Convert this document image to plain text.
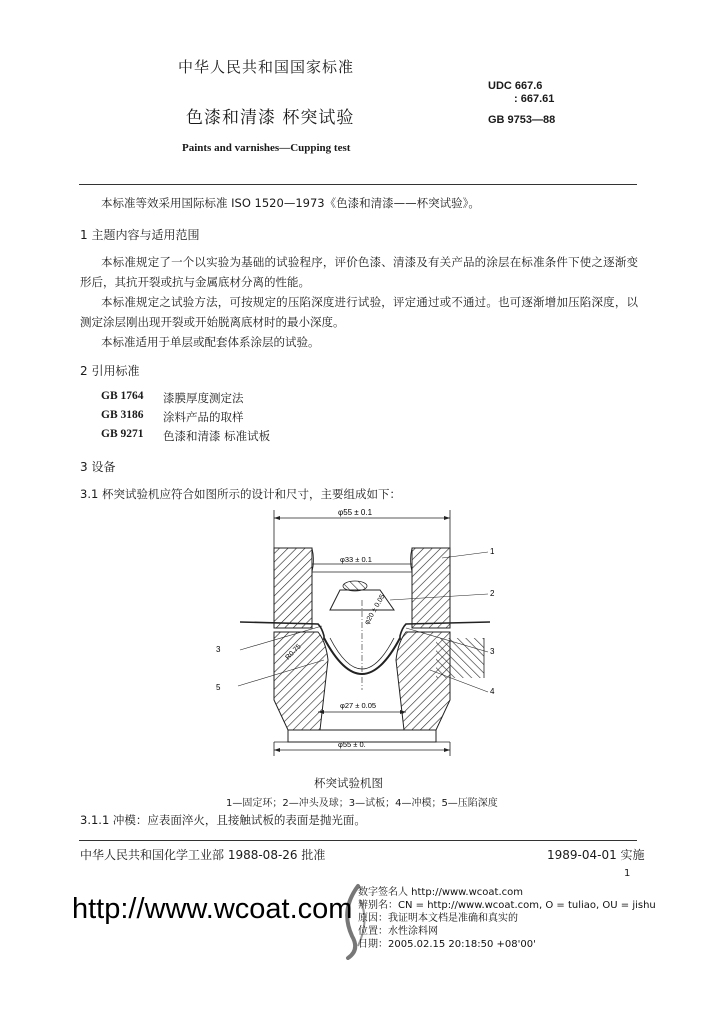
中华人民共和国国家标准
色漆和清漆 杯突试验
Paints and varnishes—Cupping test
UDC 667.6
: 667.61
GB 9753—88
本标准等效采用国际标准 ISO 1520—1973《色漆和清漆——杯突试验》。
1 主题内容与适用范围
本标准规定了一个以实验为基础的试验程序，评价色漆、清漆及有关产品的涂层在标准条件下使之逐渐变形后，其抗开裂或抗与金属底材分离的性能。
本标准规定之试验方法，可按规定的压陷深度进行试验，评定通过或不通过。也可逐渐增加压陷深度，以测定涂层刚出现开裂或开始脱离底材时的最小深度。
本标准适用于单层或配套体系涂层的试验。
2 引用标准
GB 1764 漆膜厚度测定法
GB 3186 涂料产品的取样
GB 9271 色漆和清漆 标准试板
3 设备
3.1 杯突试验机应符合如图所示的设计和尺寸，主要组成如下：
φ55 ± 0.1
φ33 ± 0.1
φ20 ± 0.05
φ27 ± 0.05
φ55 ± 0.
1
2
3	3
4
5
杯突试验机图
1—固定环；2—冲头及球；3—试板；4—冲模；5—压陷深度
3.1.1 冲模：应表面淬火，且接触试板的表面是抛光面。
中华人民共和国化学工业部 1988-08-26 批准	1989-04-01 实施
1
数字签名人 http://www.wcoat.com
辨别名：CN = http://www.wcoat.com, O = tuliao, OU = jishu
原因：我证明本文档是准确和真实的
位置：水性涂料网
日期：2005.02.15 20:18:50 +08'00'
http://www.wcoat.com
